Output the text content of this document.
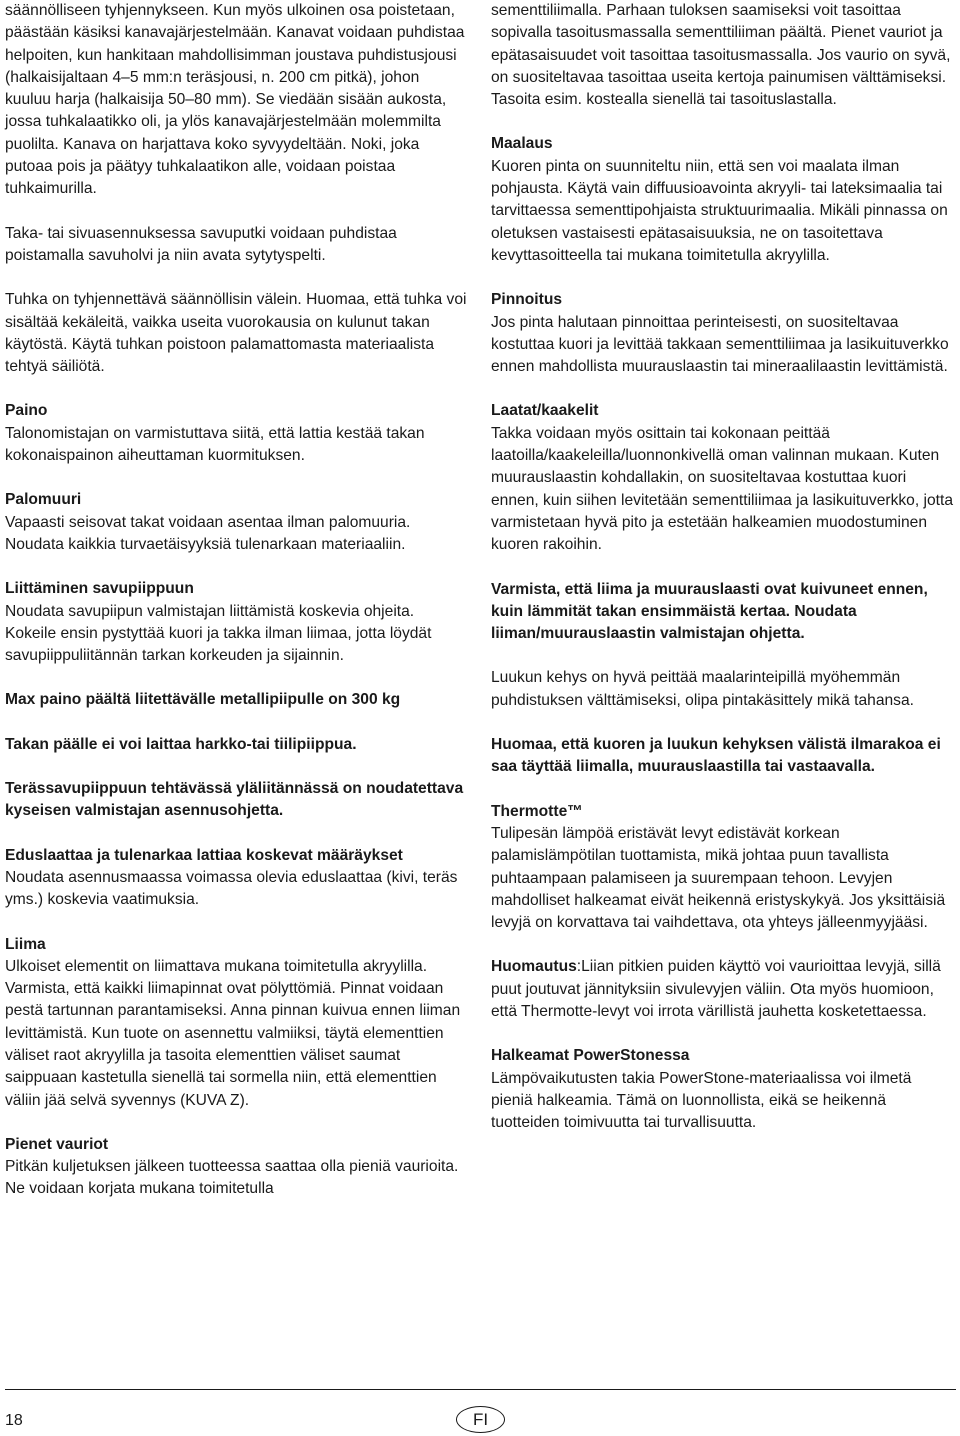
säännölliseen tyhjennykseen. Kun myös ulkoinen osa poistetaan, päästään käsiksi kanavajärjestelmään. Kanavat voidaan puhdistaa helpoiten, kun hankitaan mahdollisimman joustava puhdistusjousi (halkaisijaltaan 4–5 mm:n teräsjousi, n. 200 cm pitkä), johon kuuluu harja (halkaisija 50–80 mm). Se viedään sisään aukosta, jossa tuhkalaatikko oli, ja ylös kanavajärjestelmään molemmilta puolilta. Kanava on harjattava koko syvyydeltään. Noki, joka putoaa pois ja päätyy tuhkalaatikon alle, voidaan poistaa tuhkaimurilla.

Taka- tai sivuasennuksessa savuputki voidaan puhdistaa poistamalla savuholvi ja niin avata sytytyspelti.

Tuhka on tyhjennettävä säännöllisin välein. Huomaa, että tuhka voi sisältää kekäleitä, vaikka useita vuorokausia on kulunut takan käytöstä. Käytä tuhkan poistoon palamattomasta materiaalista tehtyä säiliötä.

Paino
Talonomistajan on varmistuttava siitä, että lattia kestää takan kokonaispainon aiheuttaman kuormituksen.

Palomuuri
Vapaasti seisovat takat voidaan asentaa ilman palomuuria. Noudata kaikkia turvaetäisyyksiä tulenarkaan materiaaliin.

Liittäminen savupiippuun
Noudata savupiipun valmistajan liittämistä koskevia ohjeita. Kokeile ensin pystyttää kuori ja takka ilman liimaa, jotta löydät savupiippuliitännän tarkan korkeuden ja sijainnin.

Max paino päältä liitettävälle metallipiipulle on 300 kg

Takan päälle ei voi laittaa harkko-tai tiilipiippua.

Terässavupiippuun tehtävässä yläliitännässä on noudatettava kyseisen valmistajan asennusohjetta.

Eduslaattaa ja tulenarkaa lattiaa koskevat määräykset
Noudata asennusmaassa voimassa olevia eduslaattaa (kivi, teräs yms.) koskevia vaatimuksia.

Liima
Ulkoiset elementit on liimattava mukana toimitetulla akryylilla. Varmista, että kaikki liimapinnat ovat pölyttömiä. Pinnat voidaan pestä tartunnan parantamiseksi. Anna pinnan kuivua ennen liiman levittämistä. Kun tuote on asennettu valmiiksi, täytä elementtien väliset raot akryylilla ja tasoita elementtien väliset saumat saippuaan kastetulla sienellä tai sormella niin, että elementtien väliin jää selvä syvennys (KUVA Z).

Pienet vauriot
Pitkän kuljetuksen jälkeen tuotteessa saattaa olla pieniä vaurioita. Ne voidaan korjata mukana toimitetulla

sementtiliimalla. Parhaan tuloksen saamiseksi voit tasoittaa sopivalla tasoitusmassalla sementtiliiman päältä. Pienet vauriot ja epätasaisuudet voit tasoittaa tasoitusmassalla. Jos vaurio on syvä, on suositeltavaa tasoittaa useita kertoja painumisen välttämiseksi. Tasoita esim. kostealla sienellä tai tasoituslastalla.

Maalaus
Kuoren pinta on suunniteltu niin, että sen voi maalata ilman pohjausta. Käytä vain diffuusioavointa akryyli- tai lateksimaalia tai tarvittaessa sementtipohjaista struktuurimaalia. Mikäli pinnassa on oletuksen vastaisesti epätasaisuuksia, ne on tasoitettava kevyttasoitteella tai mukana toimitetulla akryylilla.

Pinnoitus
Jos pinta halutaan pinnoittaa perinteisesti, on suositeltavaa kostuttaa kuori ja levittää takkaan sementtiliimaa ja lasikuituverkko ennen mahdollista muurauslaastin tai mineraalilaastin levittämistä.

Laatat/kaakelit
Takka voidaan myös osittain tai kokonaan peittää laatoilla/kaakeleilla/luonnonkivellä oman valinnan mukaan. Kuten muurauslaastin kohdallakin, on suositeltavaa kostuttaa kuori ennen, kuin siihen levitetään sementtiliimaa ja lasikuituverkko, jotta varmistetaan hyvä pito ja estetään halkeamien muodostuminen kuoren rakoihin.

Varmista, että liima ja muurauslaasti ovat kuivuneet ennen, kuin lämmität takan ensimmäistä kertaa. Noudata liiman/muurauslaastin valmistajan ohjetta.

Luukun kehys on hyvä peittää maalarinteipillä myöhemmän puhdistuksen välttämiseksi, olipa pintakäsittely mikä tahansa.

Huomaa, että kuoren ja luukun kehyksen välistä ilmarakoa ei saa täyttää liimalla, muurauslaastilla tai vastaavalla.

Thermotte™
Tulipesän lämpöä eristävät levyt edistävät korkean palamislämpötilan tuottamista, mikä johtaa puun tavallista puhtaampaan palamiseen ja suurempaan tehoon. Levyjen mahdolliset halkeamat eivät heikennä eristyskykyä. Jos yksittäisiä levyjä on korvattava tai vaihdettava, ota yhteys jälleenmyyjääsi.

Huomautus:Liian pitkien puiden käyttö voi vaurioittaa levyjä, sillä puut joutuvat jännityksiin sivulevyjen väliin. Ota myös huomioon, että Thermotte-levyt voi irrota värillistä jauhetta kosketettaessa.

Halkeamat PowerStonessa
Lämpövaikutusten takia PowerStone-materiaalissa voi ilmetä pieniä halkeamia. Tämä on luonnollista, eikä se heikennä tuotteiden toimivuutta tai turvallisuutta.

18	FI
